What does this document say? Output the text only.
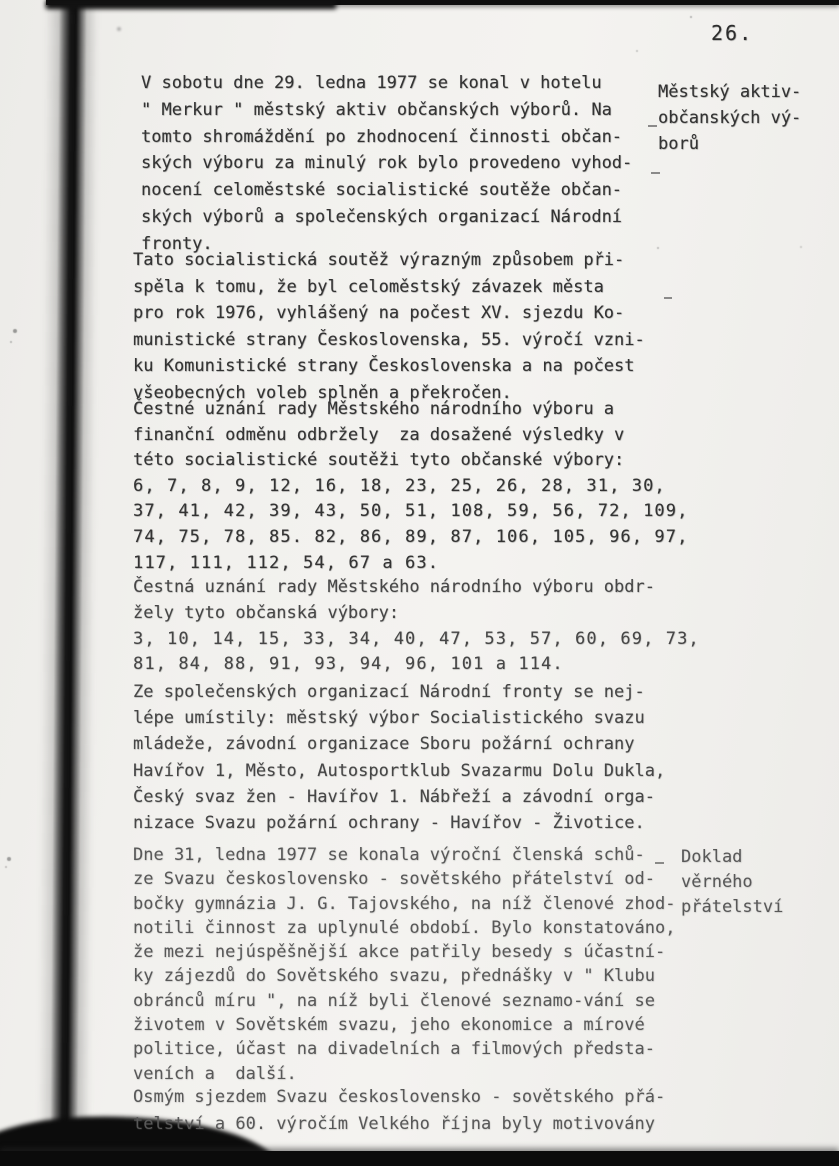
26.
Městský aktiv-
občanských vý-
borů
Doklad
věrného
přátelství
V sobotu dne 29. ledna 1977 se konal v hotelu
" Merkur " městský aktiv občanských výborů. Na
tomto shromáždění po zhodnocení činnosti občan-
ských výboru za minulý rok bylo provedeno vyhod-
nocení celoměstské socialistické soutěže občan-
ských výborů a společenských organizací Národní
fronty.
Tato socialistická soutěž výrazným způsobem při-
spěla k tomu, že byl celoměstský závazek města
pro rok 1976, vyhlášený na počest XV. sjezdu Ko-
munistické strany Československa, 55. výročí vzni-
ku Komunistické strany Československa a na počest
všeobecných voleb splněn a překročen.
Čestné uznání rady Městského národního výboru a
finanční odměnu odbržely  za dosažené výsledky v
této socialistické soutěži tyto občanské výbory:
6, 7, 8, 9, 12, 16, 18, 23, 25, 26, 28, 31, 30,
37, 41, 42, 39, 43, 50, 51, 108, 59, 56, 72, 109,
74, 75, 78, 85. 82, 86, 89, 87, 106, 105, 96, 97,
117, 111, 112, 54, 67 a 63.
Čestná uznání rady Městského národního výboru obdr-
žely tyto občanská výbory:
3, 10, 14, 15, 33, 34, 40, 47, 53, 57, 60, 69, 73,
81, 84, 88, 91, 93, 94, 96, 101 a 114.
Ze společenských organizací Národní fronty se nej-
lépe umístily: městský výbor Socialistického svazu
mládeže, závodní organizace Sboru požární ochrany
Havířov 1, Město, Autosportklub Svazarmu Dolu Dukla,
Český svaz žen - Havířov 1. Nábřeží a závodní orga-
nizace Svazu požární ochrany - Havířov - Životice.
Dne 31, ledna 1977 se konala výroční členská schů-
ze Svazu československo - sovětského přátelství od-
bočky gymnázia J. G. Tajovského, na níž členové zhod-
notili činnost za uplynulé období. Bylo konstatováno,
že mezi nejúspěšnější akce patřily besedy s účastní-
ky zájezdů do Sovětského svazu, přednášky v " Klubu
obránců míru ", na níž byli členové seznamo-vání se
životem v Sovětském svazu, jeho ekonomice a mírové
politice, účast na divadelních a filmových předsta-
veních a  další.
Osmým sjezdem Svazu československo - sovětského přá-
telství a 60. výročím Velkého října byly motivovány
